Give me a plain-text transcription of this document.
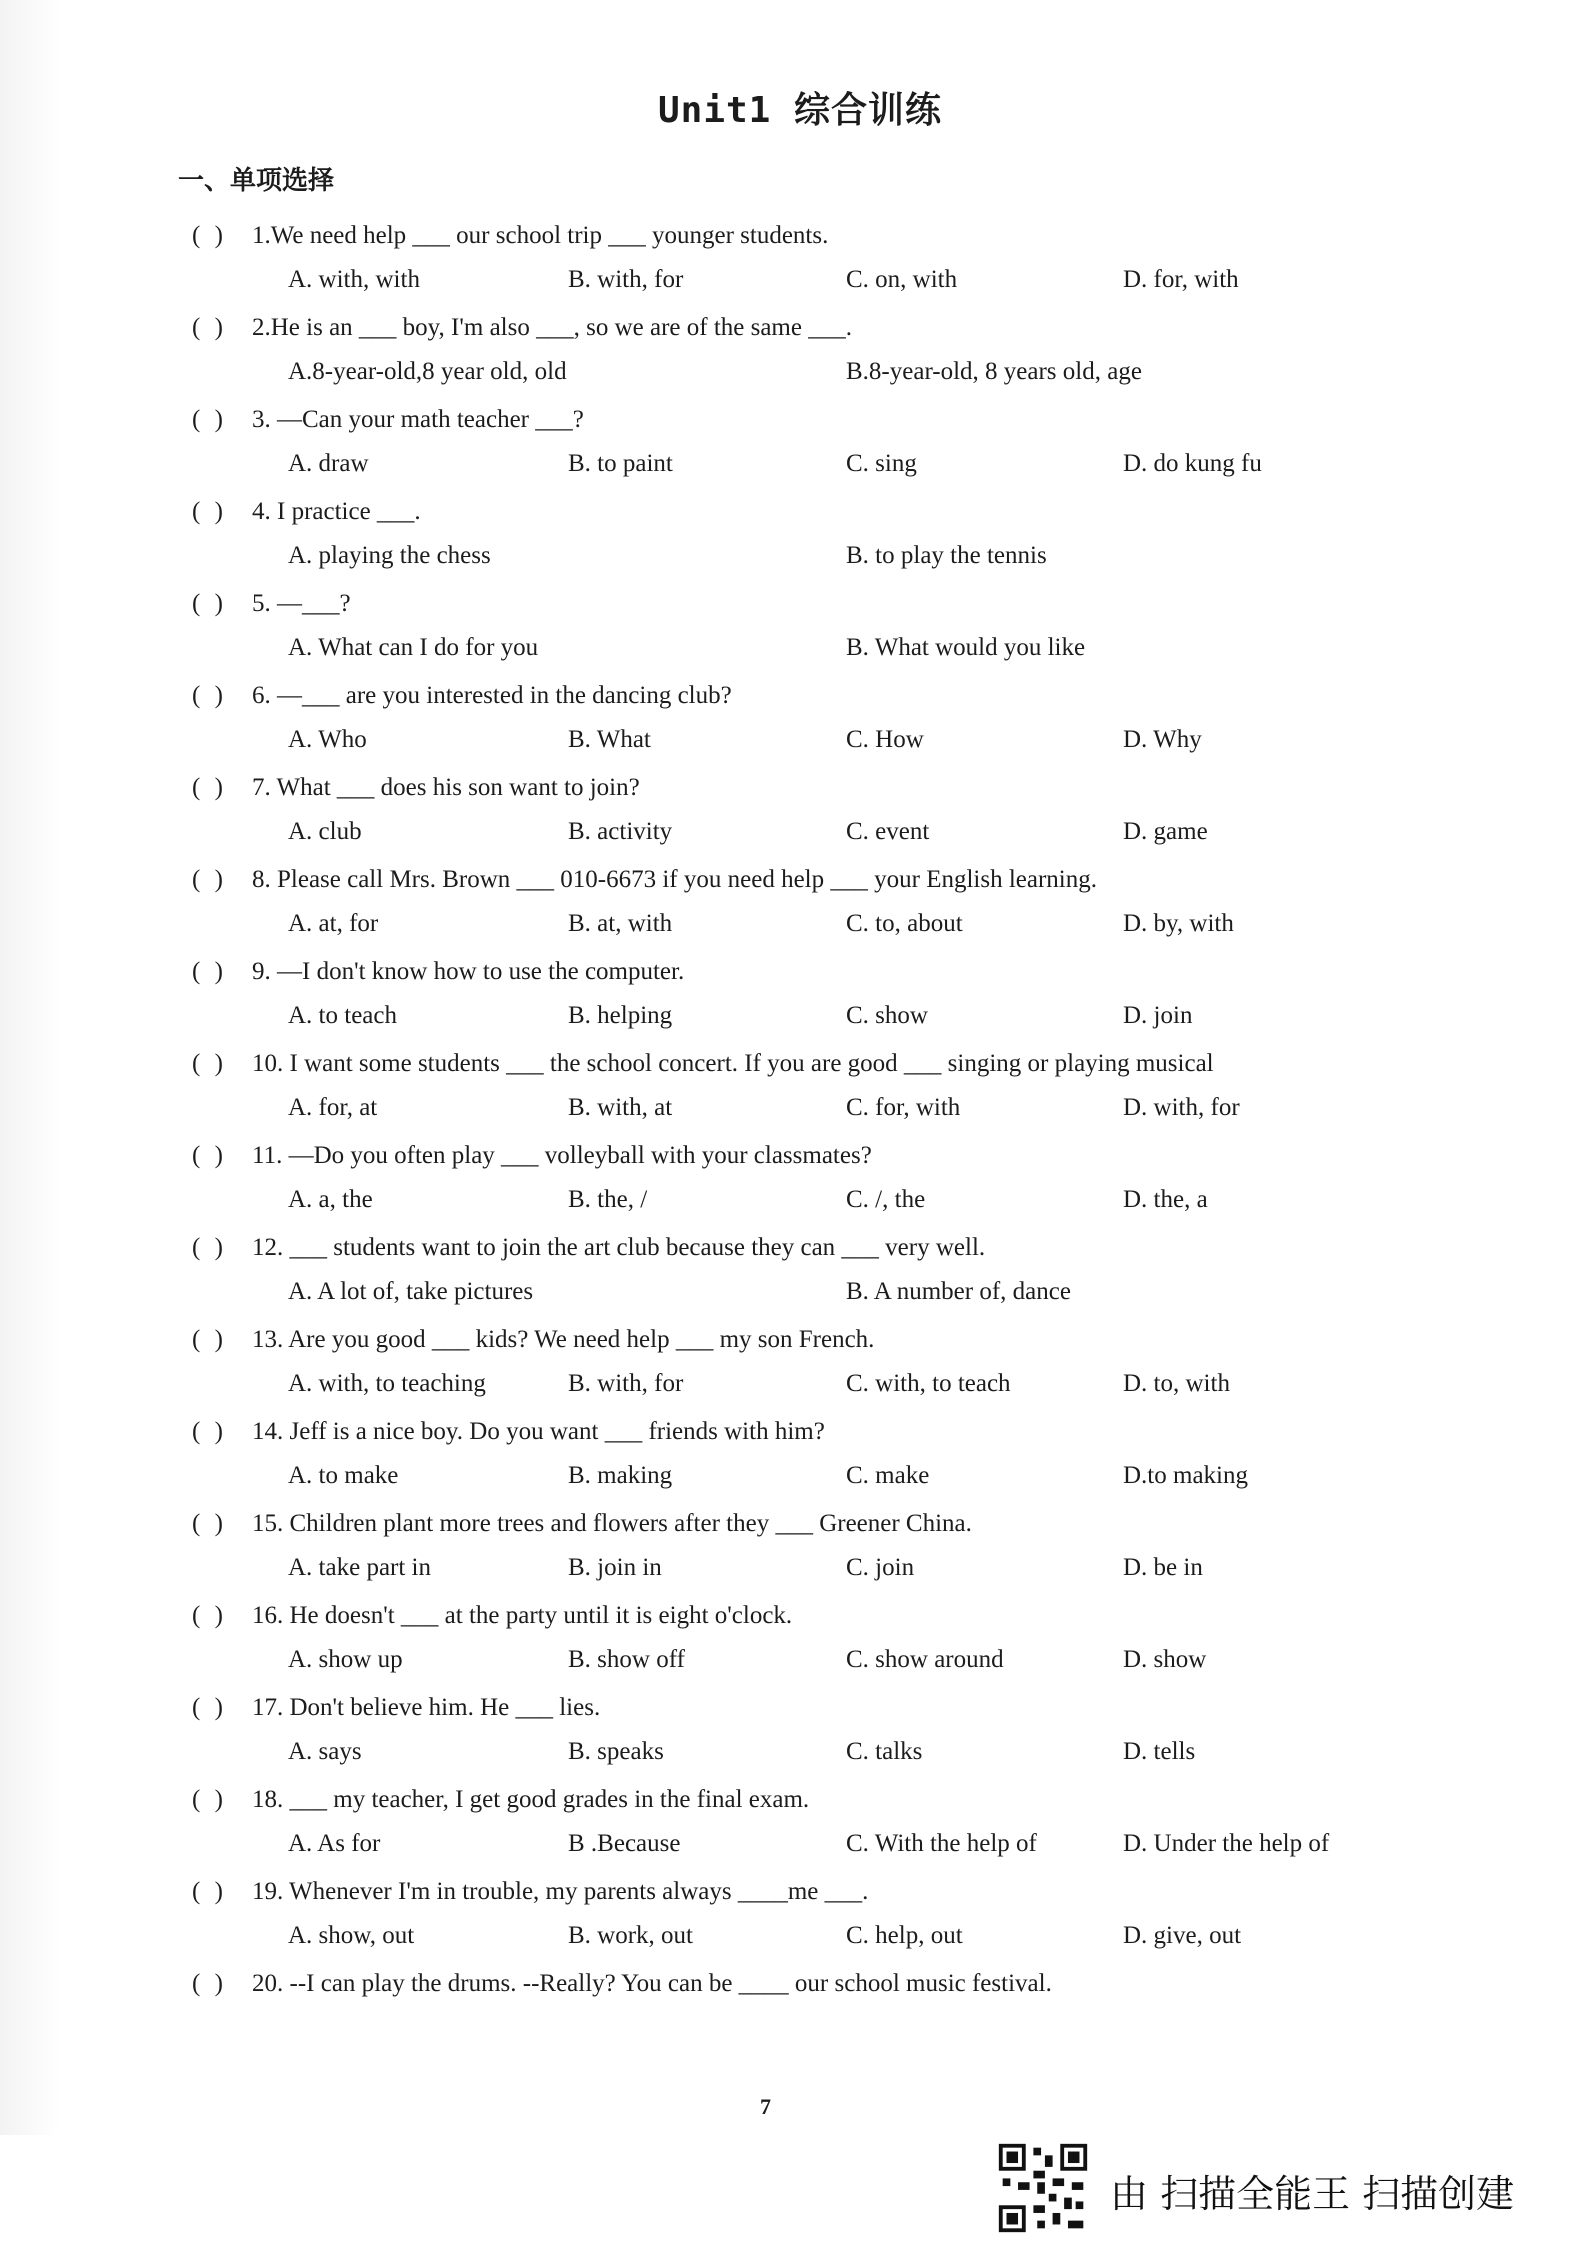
Unit1 综合训练
一、单项选择
( ) 1.We need help ___ our school trip ___ younger students.
A. with, with	B. with, for	C. on, with	D. for, with
( ) 2.He is an ___ boy, I'm also ___, so we are of the same ___.
A.8-year-old,8 year old, old	B.8-year-old, 8 years old, age
( ) 3. —Can your math teacher ___?
A. draw	B. to paint	C. sing	D. do kung fu
( ) 4. I practice ___.
A. playing the chess	B. to play the tennis
( ) 5. —___?
A. What can I do for you	B. What would you like
( ) 6. —___ are you interested in the dancing club?
A. Who	B. What	C. How	D. Why
( ) 7. What ___ does his son want to join?
A. club	B. activity	C. event	D. game
( ) 8. Please call Mrs. Brown ___ 010-6673 if you need help ___ your English learning.
A. at, for	B. at, with	C. to, about	D. by, with
( ) 9. —I don't know how to use the computer.
A. to teach	B. helping	C. show	D. join
( ) 10. I want some students ___ the school concert. If you are good ___ singing or playing musical
A. for, at	B. with, at	C. for, with	D. with, for
( ) 11. —Do you often play ___ volleyball with your classmates?
A. a, the	B. the, /	C. /, the	D. the, a
( ) 12. ___ students want to join the art club because they can ___ very well.
A. A lot of, take pictures	B. A number of, dance
( ) 13. Are you good ___ kids? We need help ___ my son French.
A. with, to teaching	B. with, for	C. with, to teach	D. to, with
( ) 14. Jeff is a nice boy. Do you want ___ friends with him?
A. to make	B. making	C. make	D.to making
( ) 15. Children plant more trees and flowers after they ___ Greener China.
A. take part in	B. join in	C. join	D. be in
( ) 16. He doesn't ___ at the party until it is eight o'clock.
A. show up	B. show off	C. show around	D. show
( ) 17. Don't believe him. He ___ lies.
A. says	B. speaks	C. talks	D. tells
( ) 18. ___ my teacher, I get good grades in the final exam.
A. As for	B .Because	C. With the help of	D. Under the help of
( ) 19. Whenever I'm in trouble, my parents always ____me ___.
A. show, out	B. work, out	C. help, out	D. give, out
( ) 20. --I can play the drums. --Really? You can be ____ our school music festival.
7
由 扫描全能王 扫描创建
